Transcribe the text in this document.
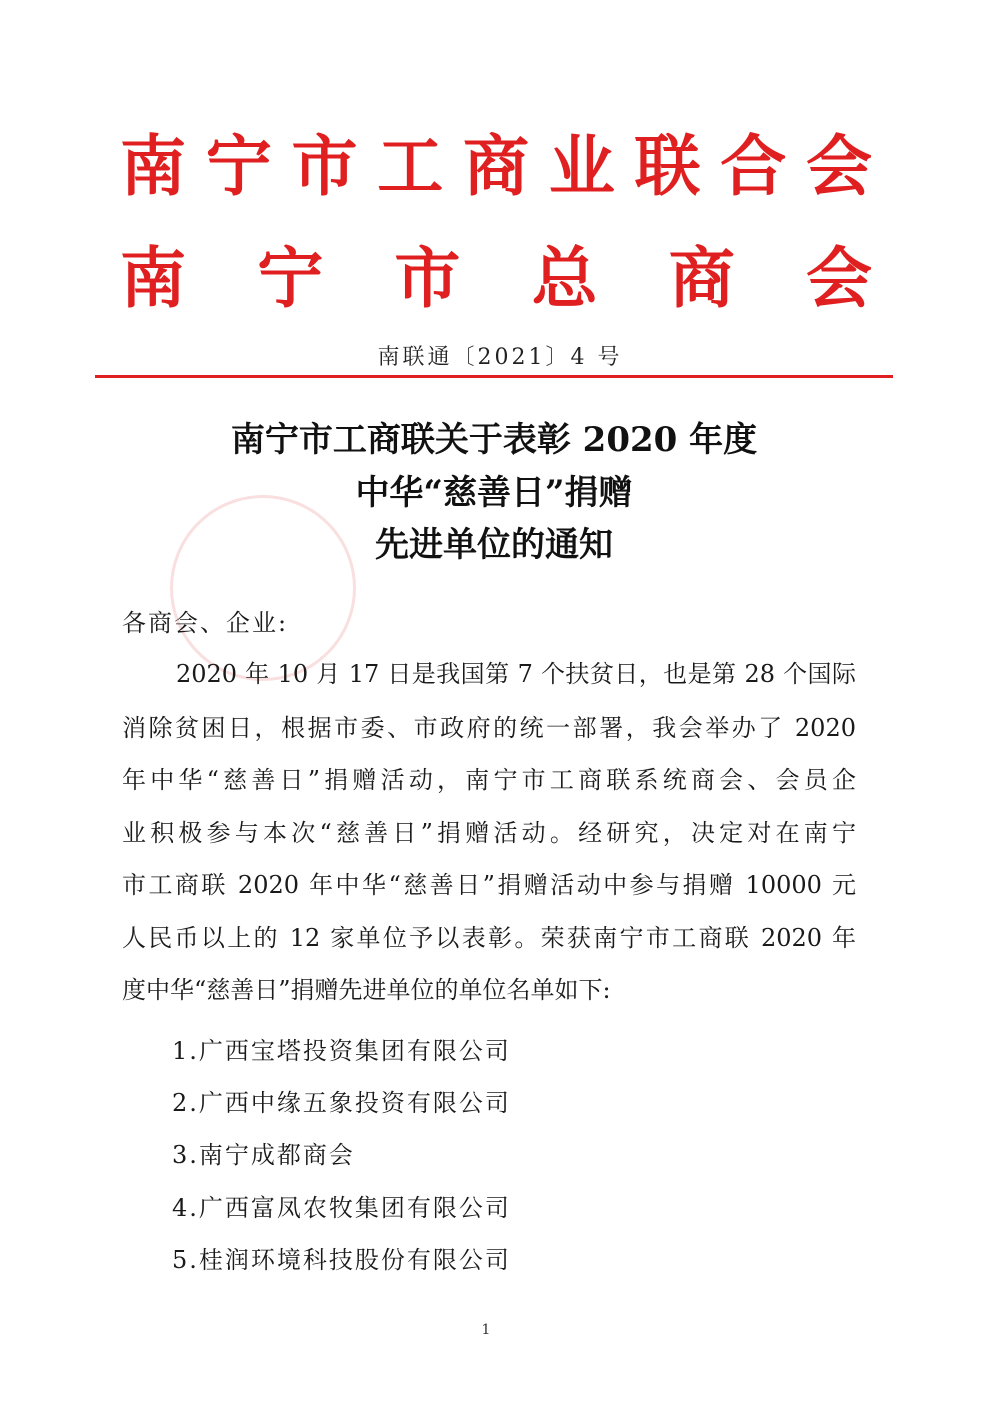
南 宁 市 工 商 业 联 合 会
南 宁 市 总 商 会
南联通〔2021〕4 号
南宁市工商联关于表彰 2020 年度
中华“慈善日”捐赠
先进单位的通知
各商会、企业:
2020 年 10 月 17 日是我国第 7 个扶贫日，也是第 28 个国际
消除贫困日，根据市委、市政府的统一部署，我会举办了 2020
年中华“慈善日”捐赠活动，南宁市工商联系统商会、会员企
业积极参与本次“慈善日”捐赠活动。经研究，决定对在南宁
市工商联 2020 年中华“慈善日”捐赠活动中参与捐赠 10000 元
人民币以上的 12 家单位予以表彰。荣获南宁市工商联 2020 年
度中华“慈善日”捐赠先进单位的单位名单如下:
1.广西宝塔投资集团有限公司
2.广西中缘五象投资有限公司
3.南宁成都商会
4.广西富凤农牧集团有限公司
5.桂润环境科技股份有限公司
1
